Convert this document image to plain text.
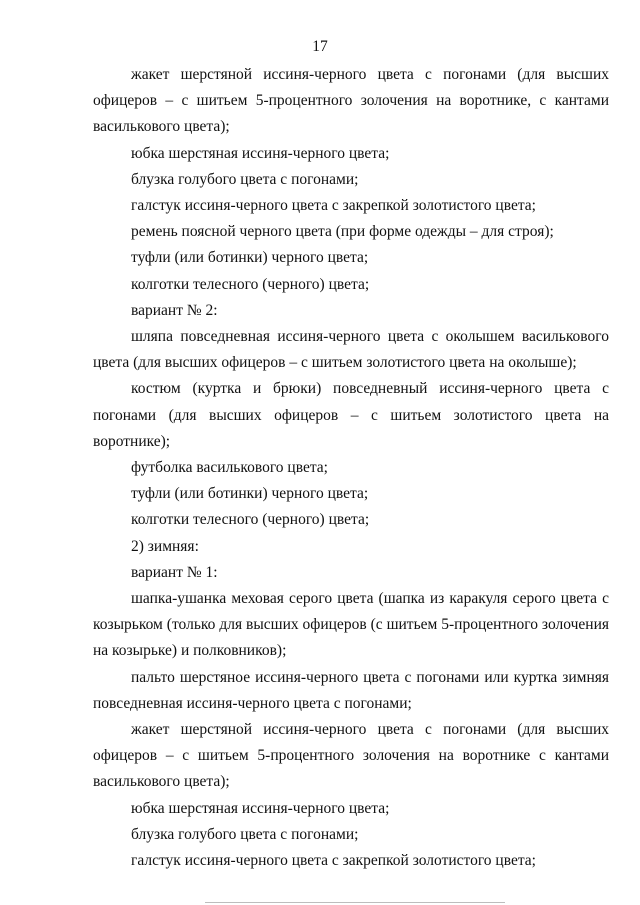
17

жакет шерстяной иссиня-черного цвета с погонами (для высших офицеров – с шитьем 5-процентного золочения на воротнике, с кантами василькового цвета);

юбка шерстяная иссиня-черного цвета;

блузка голубого цвета с погонами;

галстук иссиня-черного цвета с закрепкой золотистого цвета;

ремень поясной черного цвета (при форме одежды – для строя);

туфли (или ботинки) черного цвета;

колготки телесного (черного) цвета;

вариант № 2:

шляпа повседневная иссиня-черного цвета с околышем василькового цвета (для высших офицеров – с шитьем золотистого цвета на околыше);

костюм (куртка и брюки) повседневный иссиня-черного цвета с погонами (для высших офицеров – с шитьем золотистого цвета на воротнике);

футболка василькового цвета;

туфли (или ботинки) черного цвета;

колготки телесного (черного) цвета;

2) зимняя:

вариант № 1:

шапка-ушанка меховая серого цвета (шапка из каракуля серого цвета с козырьком (только для высших офицеров (с шитьем 5-процентного золочения на козырьке) и полковников);

пальто шерстяное иссиня-черного цвета с погонами или куртка зимняя повседневная иссиня-черного цвета с погонами;

жакет шерстяной иссиня-черного цвета с погонами (для высших офицеров – с шитьем 5-процентного золочения на воротнике с кантами василькового цвета);

юбка шерстяная иссиня-черного цвета;

блузка голубого цвета с погонами;

галстук иссиня-черного цвета с закрепкой золотистого цвета;
